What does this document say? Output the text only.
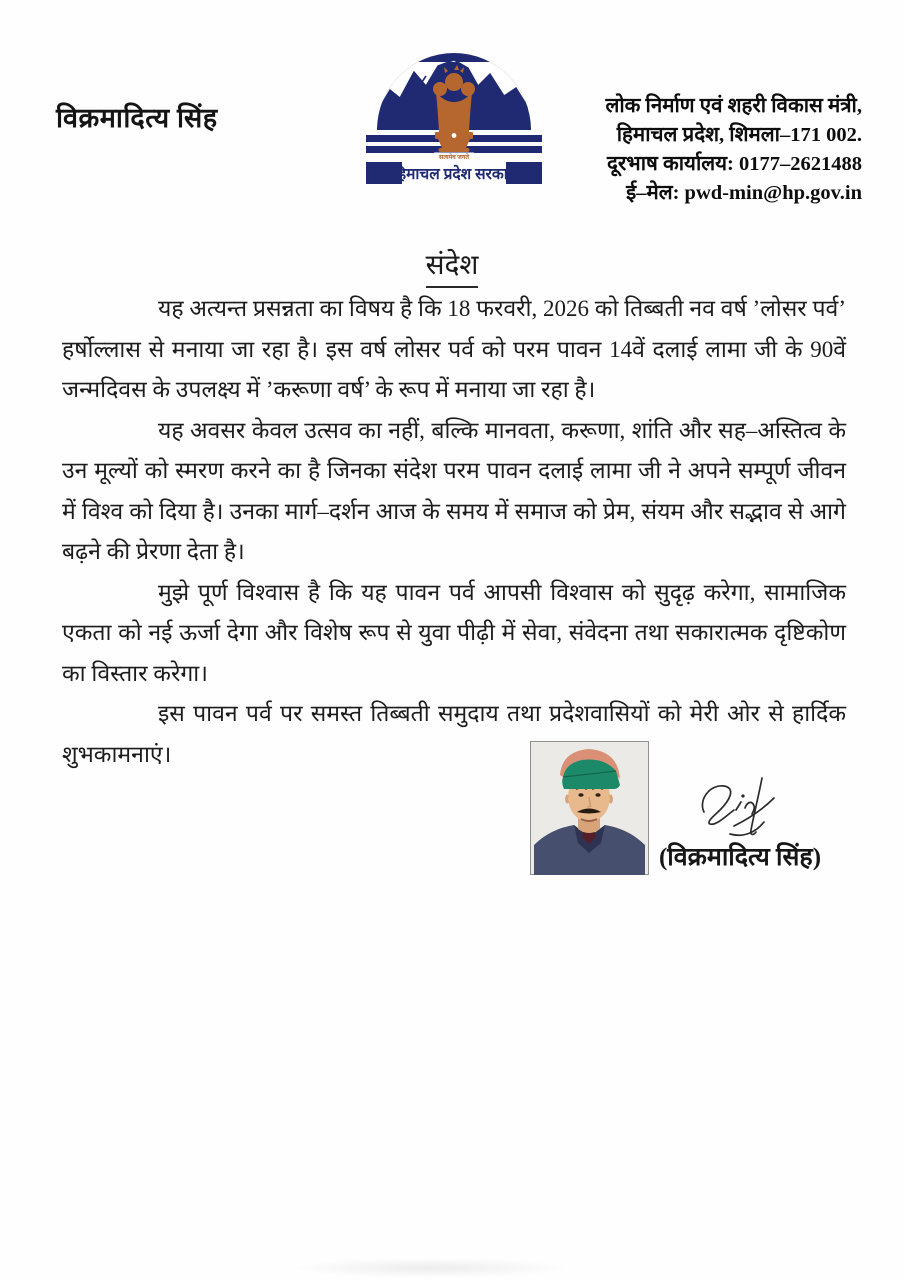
विक्रमादित्य सिंह
सत्यमेव जयते
हिमाचल प्रदेश सरकार
लोक निर्माण एवं शहरी विकास मंत्री,
हिमाचल प्रदेश, शिमला–171 002.
दूरभाष कार्यालय: 0177–2621488
ई–मेल: pwd-min@hp.gov.in
संदेश

यह अत्यन्त प्रसन्नता का विषय है कि 18 फरवरी, 2026 को तिब्बती नव वर्ष ’लोसर पर्व’ हर्षोल्लास से मनाया जा रहा है। इस वर्ष लोसर पर्व को परम पावन 14वें दलाई लामा जी के 90वें जन्मदिवस के उपलक्ष्य में ’करूणा वर्ष’ के रूप में मनाया जा रहा है।

यह अवसर केवल उत्सव का नहीं, बल्कि मानवता, करूणा, शांति और सह–अस्तित्व के उन मूल्यों को स्मरण करने का है जिनका संदेश परम पावन दलाई लामा जी ने अपने सम्पूर्ण जीवन में विश्व को दिया है। उनका मार्ग–दर्शन आज के समय में समाज को प्रेम, संयम और सद्भाव से आगे बढ़ने की प्रेरणा देता है।

मुझे पूर्ण विश्वास है कि यह पावन पर्व आपसी विश्वास को सुदृढ़ करेगा, सामाजिक एकता को नई ऊर्जा देगा और विशेष रूप से युवा पीढ़ी में सेवा, संवेदना तथा सकारात्मक दृष्टिकोण का विस्तार करेगा।

इस पावन पर्व पर समस्त तिब्बती समुदाय तथा प्रदेशवासियों को मेरी ओर से हार्दिक शुभकामनाएं।

(विक्रमादित्य सिंह)
